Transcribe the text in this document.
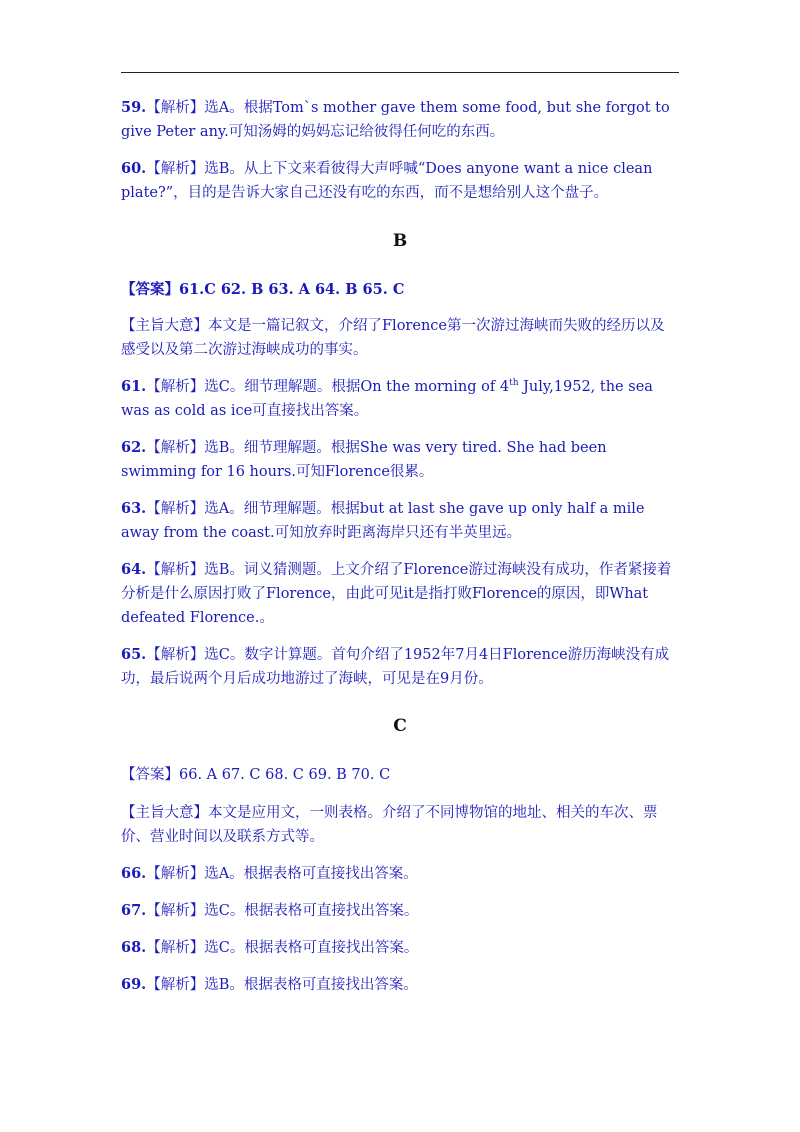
59.【解析】选A。根据Tom`s mother gave them some food, but she forgot to give Peter any.可知汤姆的妈妈忘记给彼得任何吃的东西。
60.【解析】选B。从上下文来看彼得大声呼喊“Does anyone want a nice clean plate?”，目的是告诉大家自己还没有吃的东西，而不是想给别人这个盘子。
B
【答案】61.C 62. B 63. A 64. B 65. C
【主旨大意】本文是一篇记叙文，介绍了Florence第一次游过海峡而失败的经历以及感受以及第二次游过海峡成功的事实。
61.【解析】选C。细节理解题。根据On the morning of 4th July,1952, the sea was as cold as ice可直接找出答案。
62.【解析】选B。细节理解题。根据She was very tired. She had been swimming for 16 hours.可知Florence很累。
63.【解析】选A。细节理解题。根据but at last she gave up only half a mile away from the coast.可知放弃时距离海岸只还有半英里远。
64.【解析】选B。词义猜测题。上文介绍了Florence游过海峡没有成功，作者紧接着分析是什么原因打败了Florence，由此可见it是指打败Florence的原因，即What defeated Florence.。
65.【解析】选C。数字计算题。首句介绍了1952年7月4日Florence游历海峡没有成功，最后说两个月后成功地游过了海峡，可见是在9月份。
C
【答案】66. A 67. C 68. C 69. B 70. C
【主旨大意】本文是应用文，一则表格。介绍了不同博物馆的地址、相关的车次、票价、营业时间以及联系方式等。
66.【解析】选A。根据表格可直接找出答案。
67.【解析】选C。根据表格可直接找出答案。
68.【解析】选C。根据表格可直接找出答案。
69.【解析】选B。根据表格可直接找出答案。
